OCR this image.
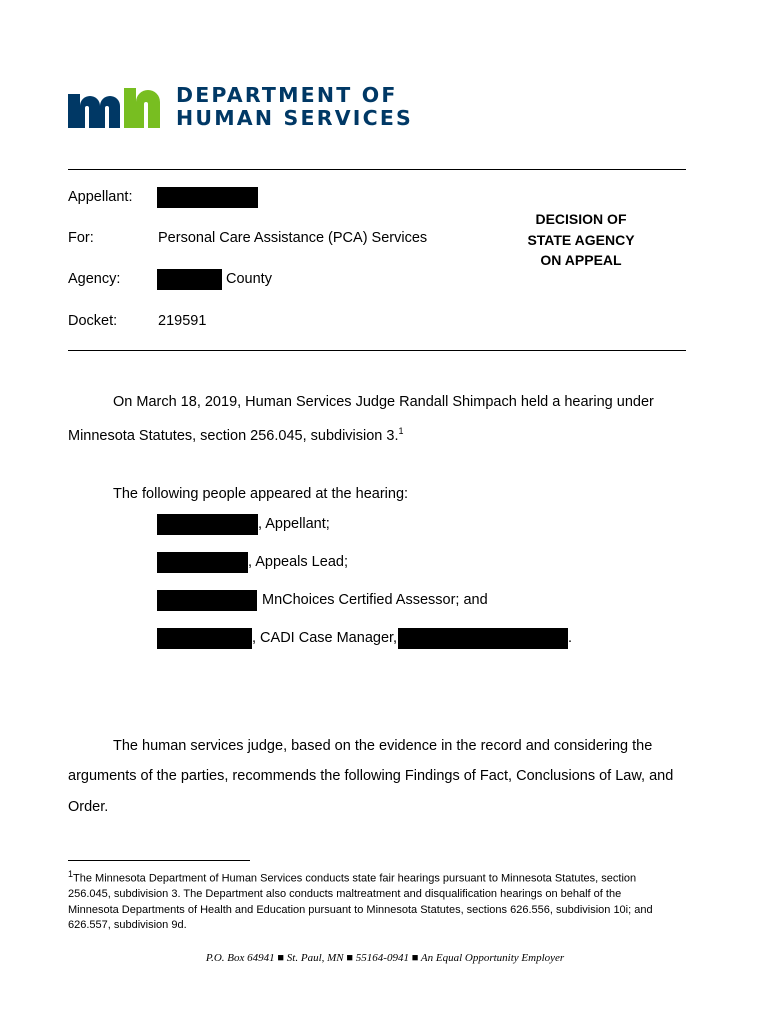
DEPARTMENT OF
HUMAN SERVICES
Appellant:
For:	Personal Care Assistance (PCA) Services
Agency:	County
Docket:	219591
DECISION OF
STATE AGENCY
ON APPEAL
On March 18, 2019, Human Services Judge Randall Shimpach held a hearing under
Minnesota Statutes, section 256.045, subdivision 3.$^1$
The following people appeared at the hearing:
, Appellant;
, Appeals Lead;
MnChoices Certified Assessor; and
, CADI Case Manager,	.
The human services judge, based on the evidence in the record and considering the
arguments of the parties, recommends the following Findings of Fact, Conclusions of Law, and
Order.
$^1$The Minnesota Department of Human Services conducts state fair hearings pursuant to Minnesota Statutes, section
256.045, subdivision 3. The Department also conducts maltreatment and disqualification hearings on behalf of the
Minnesota Departments of Health and Education pursuant to Minnesota Statutes, sections 626.556, subdivision 10i; and
626.557, subdivision 9d.
P.O. Box 64941 ■ St. Paul, MN ■ 55164-0941 ■ An Equal Opportunity Employer
